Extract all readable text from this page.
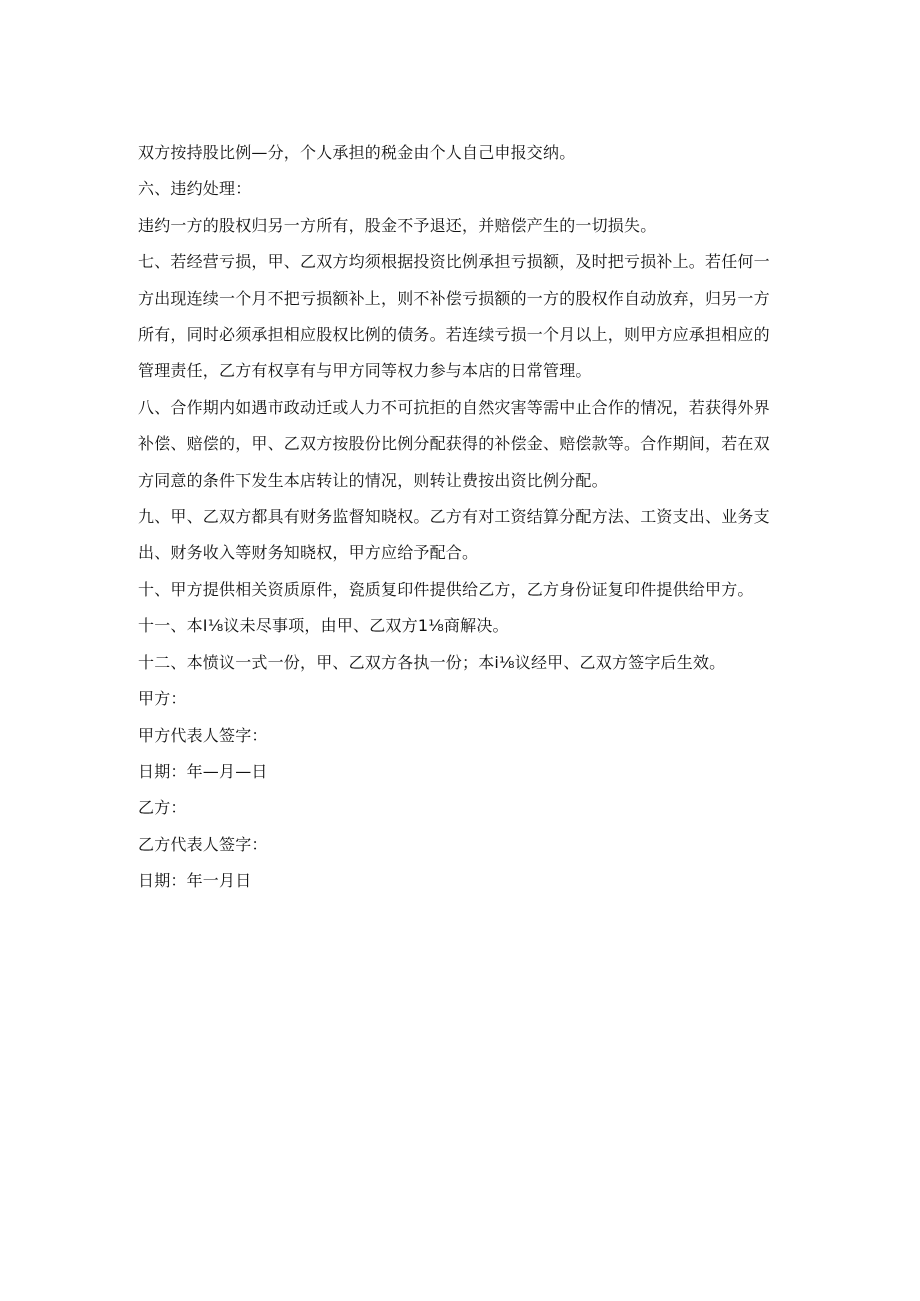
双方按持股比例—分，个人承担的税金由个人自己申报交纳。

六、违约处理：

违约一方的股权归另一方所有，股金不予退还，并赔偿产生的一切损失。

七、若经营亏损，甲、乙双方均须根据投资比例承担亏损额，及时把亏损补上。若任何一方出现连续一个月不把亏损额补上，则不补偿亏损额的一方的股权作自动放弃，归另一方所有，同时必须承担相应股权比例的债务。若连续亏损一个月以上，则甲方应承担相应的管理责任，乙方有权享有与甲方同等权力参与本店的日常管理。

八、合作期内如遇市政动迁或人力不可抗拒的自然灾害等需中止合作的情况，若获得外界补偿、赔偿的，甲、乙双方按股份比例分配获得的补偿金、赔偿款等。合作期间，若在双方同意的条件下发生本店转让的情况，则转让费按出资比例分配。

九、甲、乙双方都具有财务监督知晓权。乙方有对工资结算分配方法、工资支出、业务支出、财务收入等财务知晓权，甲方应给予配合。

十、甲方提供相关资质原件，瓷质复印件提供给乙方，乙方身份证复印件提供给甲方。

十一、本I⅛议未尽事项，由甲、乙双方1⅛商解决。

十二、本愤议一式一份，甲、乙双方各执一份；本i⅛议经甲、乙双方签字后生效。

甲方：

甲方代表人签字：

日期：年—月—日

乙方：

乙方代表人签字：

日期：年一月日
